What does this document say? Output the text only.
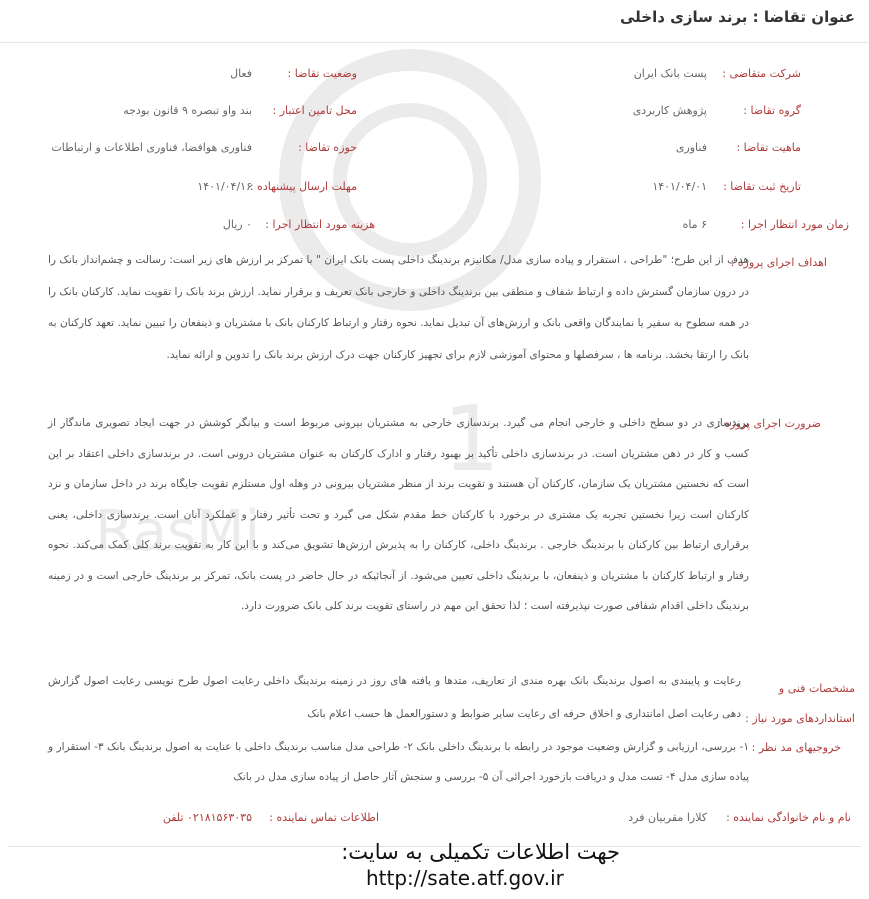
عنوان تقاضا : برند سازی داخلی
1
RasMi
شرکت متقاضی :
پست بانک ایران
وضعیت تقاضا :
فعال
گروه تقاضا :
پژوهش کاربردی
محل تامین اعتبار :
بند واو تبصره ۹ قانون بودجه
ماهیت تقاضا :
فناوری
حوزه تقاضا :
فناوری هوافضا، فناوری اطلاعات و ارتباطات
تاریخ ثبت تقاضا :
۱۴۰۱/۰۴/۰۱
مهلت ارسال پیشنهاده :
۱۴۰۱/۰۴/۱۶
زمان مورد انتظار اجرا :
۶ ماه
هزینه مورد انتظار اجرا :
۰ ریال
اهداف اجرای پروژه :
هدف از این طرح؛ "طراحی ، استقرار و پیاده سازی مدل/ مکانیزم برندینگ داخلی پست بانک ایران " با تمرکز بر ارزش های زیر است: رسالت و چشم‌انداز بانک را در درون سازمان گسترش داده و ارتباط شفاف و منطقی بین برندینگ داخلی و خارجی بانک تعریف و برقرار نماید. ارزش برند بانک را تقویت نماید. کارکنان بانک را در همه سطوح به سفیر یا نمایندگان واقعی بانک و ارزش‌های آن تبدیل نماید. نحوه رفتار و ارتباط کارکنان بانک با مشتریان و ذینفعان را تبیین نماید. تعهد کارکنان به بانک را ارتقا بخشد. برنامه ها ، سرفصلها و محتوای آموزشی لازم برای تجهیز کارکنان جهت درک ارزش برند بانک را تدوین و ارائه نماید.
ضرورت اجرای پروژه :
برندسازی در دو سطح داخلی و خارجی انجام می گیرد. برندسازی خارجی به مشتریان بیرونی مربوط است و بیانگر کوشش در جهت ایجاد تصویری ماندگار از کسب و کار در ذهن مشتریان است. در برندسازی داخلی تأکید بر بهبود رفتار و ادارک کارکنان به عنوان مشتریان درونی است. در برندسازی داخلی اعتقاد بر این است که نخستین مشتریان یک سازمان، کارکنان آن هستند و تقویت برند از منظر مشتریان بیرونی در وهله اول مستلزم تقویت جایگاه برند در داخل سازمان و نزد کارکنان است زیرا نخستین تجربه یک مشتری در برخورد با کارکنان خط مقدم شکل می گیرد و تحت تأثیر رفتار و عملکرد آنان است. برندسازی داخلی، یعنی برقراری ارتباط بین کارکنان با برندینگ خارجی . برندینگ داخلی، کارکنان را به پذیرش ارزش‌ها تشویق می‌کند و با این کار به تقویت برند کلی کمک می‌کند. نحوه رفتار و ارتباط کارکنان با مشتریان و ذینفعان، با برندینگ داخلی تعیین می‌شود. از آنجائیکه در حال حاضر در پست بانک، تمرکز بر برندینگ خارجی است و در زمینه برندینگ داخلی اقدام شفافی صورت نپذیرفته است ؛ لذا تحقق این مهم در راستای تقویت برند کلی بانک ضرورت دارد.
مشخصات فنی و استانداردهای مورد نیاز :
رعایت و پایبندی به اصول برندینگ بانک بهره مندی از تعاریف، متدها و یافته های روز در زمینه برندینگ داخلی رعایت اصول طرح نویسی رعایت اصول گزارش دهی رعایت اصل امانتداری و اخلاق حرفه ای رعایت سایر ضوابط و دستورالعمل ها حسب اعلام بانک
خروجیهای مد نظر :
۱- بررسی، ارزیابی و گزارش وضعیت موجود در رابطه با برندینگ داخلی بانک ۲- طراحی مدل مناسب برندینگ داخلی با عنایت به اصول برندینگ بانک ۳- استقرار و پیاده سازی مدل ۴- تست مدل و دریافت بازخورد اجرائی آن ۵- بررسی و سنجش آثار حاصل از پیاده سازی مدل در بانک
نام و نام خانوادگی نماینده :
کلارا مقربیان فرد
اطلاعات تماس نماینده :
۰۲۱۸۱۵۶۳۰۳۵ تلفن
جهت اطلاعات تکمیلی به سایت:
http://sate.atf.gov.ir
